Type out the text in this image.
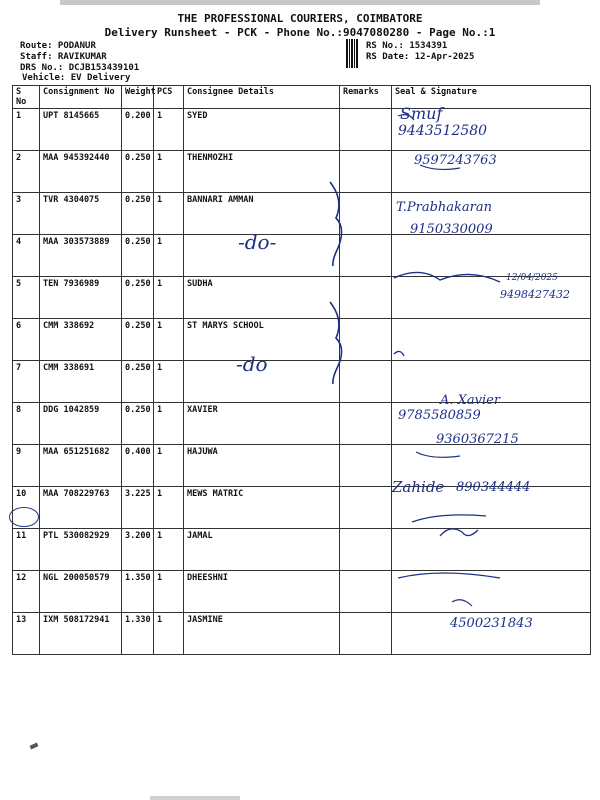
THE PROFESSIONAL COURIERS, COIMBATORE
Delivery Runsheet - PCK - Phone No.:9047080280 - Page No.:1
Route: PODANUR
Staff: RAVIKUMAR
DRS No.: DCJB153439101
Vehicle: EV Delivery
RS No.: 1534391
RS Date: 12-Apr-2025
S No	Consignment No	Weight	PCS	Consignee Details	Remarks	Seal & Signature
1	UPT 8145665	0.200	1	SYED		
2	MAA 945392440	0.250	1	THENMOZHI		
3	TVR 4304075	0.250	1	BANNARI AMMAN		
4	MAA 303573889	0.250	1			
5	TEN 7936989	0.250	1	SUDHA		
6	CMM 338692	0.250	1	ST MARYS SCHOOL		
7	CMM 338691	0.250	1			
8	DDG 1042859	0.250	1	XAVIER		
9	MAA 651251682	0.400	1	HAJUWA		
10	MAA 708229763	3.225	1	MEWS MATRIC		
11	PTL 530082929	3.200	1	JAMAL		
12	NGL 200050579	1.350	1	DHEESHNI		
13	IXM 508172941	1.330	1	JASMINE		
-do-
-do
Smuf
9443512580
9597243763
T.Prabhakaran
9150330009
12/04/2025
9498427432
A. Xavier
9785580859
9360367215
Zahide 890344444
4500231843
